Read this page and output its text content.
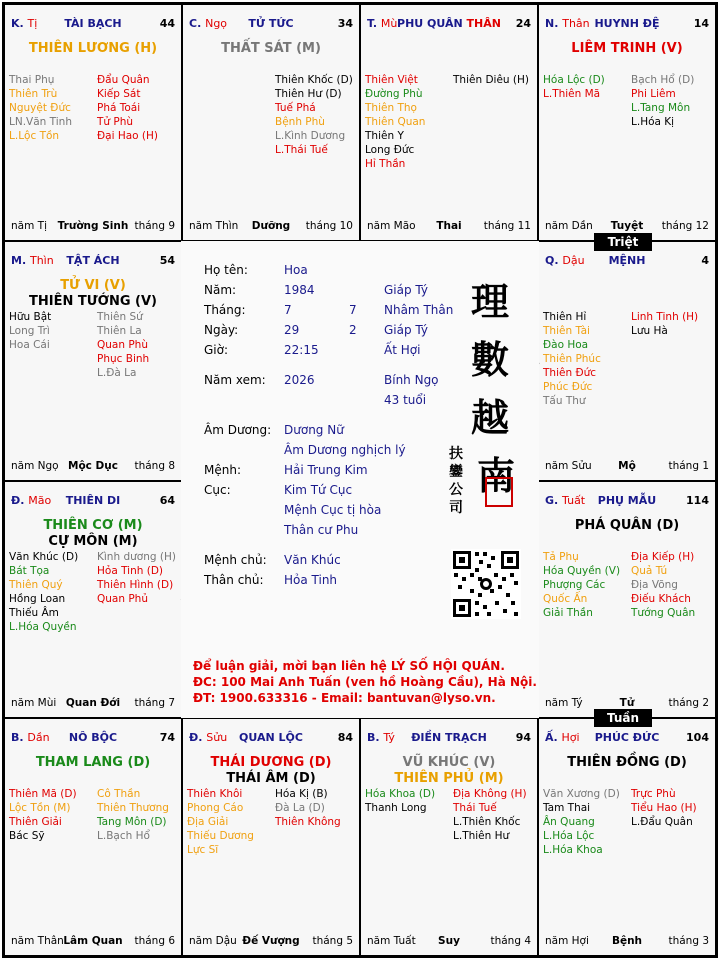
K. Tị	TÀI BẠCH	44
THIÊN LƯƠNG (H)
Thai Phụ
Thiên Trù
Nguyệt Đức
LN.Văn Tinh
L.Lộc Tồn
Đẩu Quân
Kiếp Sát
Phá Toái
Tử Phù
Đại Hao (H)
năm Tị	Trường Sinh tháng 9
C. Ngọ	TỬ TỨC	34
THẤT SÁT (M)
Thiên Khốc (D)
Thiên Hư (D)
Tuế Phá
Bệnh Phù
L.Kình Dương
L.Thái Tuế
năm Thìn	Dưỡng	tháng 10
T. Mùi
PHU QUÂN THÂN	24
Thiên Việt
Đường Phù
Thiên Thọ
Thiên Quan
Thiên Y
Long Đức
Hỉ Thần
Thiên Diêu (H)
năm Mão	Thai	tháng 11
N. Thân HUYNH ĐỆ	14
LIÊM TRINH (V)
Hóa Lộc (D)
L.Thiên Mã
Bạch Hổ (D)
Phi Liêm
L.Tang Môn
L.Hóa Kị
năm Dần	Tuyệt	tháng 12
M. Thìn	TẬT ÁCH	54
TỬ VI (V)
THIÊN TƯỚNG (V)
Hữu Bật
Long Trì
Hoa Cái
Thiên Sứ
Thiên La
Quan Phù
Phục Binh
L.Đà La
năm Ngọ Mộc Dục	tháng 8
Q. Dậu	MỆNH	4
Thiên Hỉ
Thiên Tài
Đào Hoa
Thiên Phúc
Thiên Đức
Phúc Đức
Tấu Thư
Linh Tinh (H)
Lưu Hà
năm Sửu	Mộ	tháng 1
Đ. Mão	THIÊN DI	64
THIÊN CƠ (M)
CỰ MÔN (M)
Văn Khúc (D)
Bát Tọa
Thiên Quý
Hồng Loan
Thiếu Âm
L.Hóa Quyền
Kình dương (H)
Hỏa Tinh (D)
Thiên Hình (D)
Quan Phủ
năm Mùi Quan Đới	tháng 7
G. Tuất	PHỤ MẪU	114
PHÁ QUÂN (D)
Tả Phụ
Hóa Quyền (V)
Phượng Các
Quốc Ấn
Giải Thần
Địa Kiếp (H)
Quả Tú
Địa Võng
Điếu Khách
Tướng Quân
năm Tý	Tử	tháng 2
B. Dần	NÔ BỘC	74
THAM LANG (D)
Thiên Mã (D)
Lộc Tồn (M)
Thiên Giải
Bác Sỹ
Cô Thần
Thiên Thương
Tang Môn (D)
L.Bạch Hổ
năm Thân Lâm Quan	tháng 6
Đ. Sửu	QUAN LỘC	84
THÁI DƯƠNG (D)
THÁI ÂM (D)
Thiên Khôi
Phong Cáo
Địa Giải
Thiếu Dương
Lực Sĩ
Hóa Kị (B)
Đà La (D)
Thiên Không
năm Dậu Đế Vượng	tháng 5
B. Tý	ĐIỀN TRẠCH	94
VŨ KHÚC (V)
THIÊN PHỦ (M)
Hóa Khoa (D)
Thanh Long
Địa Không (H)
Thái Tuế
L.Thiên Khốc
L.Thiên Hư
năm Tuất	Suy	tháng 4
Ấ. Hợi	PHÚC ĐỨC	104
THIÊN ĐỒNG (D)
Văn Xương (D)
Tam Thai
Ân Quang
L.Hóa Lộc
L.Hóa Khoa
Trực Phù
Tiểu Hao (H)
L.Đẩu Quân
năm Hợi	Bệnh	tháng 3
Triệt
Tuần
Họ tên:	Hoa
Năm:	1984	Giáp Tý
Tháng:	7	7 Nhâm Thân
Ngày:	29	2 Giáp Tý
Giờ:	22:15	Ất Hợi
Năm xem: 2026	Bính Ngọ
43 tuổi
Âm Dương: Dương Nữ
Âm Dương nghịch lý
Mệnh:	Hải Trung Kim
Cục:	Kim Tứ Cục
Mệnh Cục tị hòa
Thân cư Phu
Mệnh chủ: Văn Khúc
Thân chủ: Hỏa Tinh
理
數
越
南
扶鑾公司
Để luận giải, mời bạn liên hệ LÝ SỐ HỘI QUÁN.
ĐC: 100 Mai Anh Tuấn (ven hồ Hoàng Cầu), Hà Nội.
ĐT: 1900.633316 - Email: bantuvan@lyso.vn.
